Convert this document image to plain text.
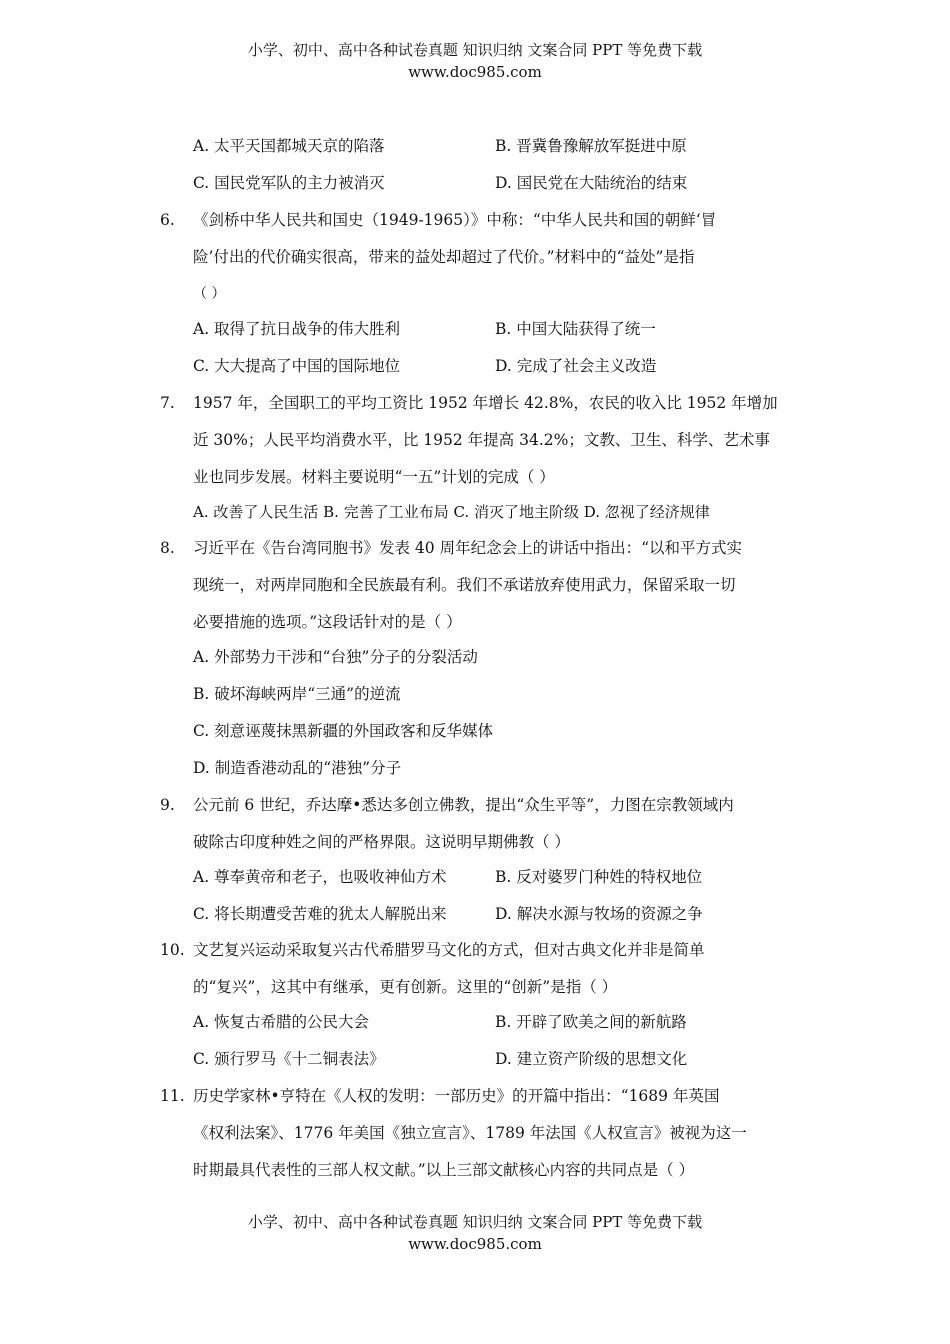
小学、初中、高中各种试卷真题 知识归纳 文案合同 PPT 等免费下载
www.doc985.com
A. 太平天国都城天京的陷落	B. 晋冀鲁豫解放军挺进中原
C. 国民党军队的主力被消灭	D. 国民党在大陆统治的结束
6. 《剑桥中华人民共和国史（1949-1965）》中称：“中华人民共和国的朝鲜‘冒
险’付出的代价确实很高，带来的益处却超过了代价。”材料中的“益处”是指
（ ）
A. 取得了抗日战争的伟大胜利	B. 中国大陆获得了统一
C. 大大提高了中国的国际地位	D. 完成了社会主义改造
7. 1957 年，全国职工的平均工资比 1952 年增长 42.8%，农民的收入比 1952 年增加
近 30%；人民平均消费水平，比 1952 年提高 34.2%；文教、卫生、科学、艺术事
业也同步发展。材料主要说明“一五”计划的完成（ ）
A. 改善了人民生活 B. 完善了工业布局 C. 消灭了地主阶级 D. 忽视了经济规律
8. 习近平在《告台湾同胞书》发表 40 周年纪念会上的讲话中指出：“以和平方式实
现统一，对两岸同胞和全民族最有利。我们不承诺放弃使用武力，保留采取一切
必要措施的选项。”这段话针对的是（ ）
A. 外部势力干涉和“台独”分子的分裂活动
B. 破坏海峡两岸“三通”的逆流
C. 刻意诬蔑抹黑新疆的外国政客和反华媒体
D. 制造香港动乱的“港独”分子
9. 公元前 6 世纪，乔达摩•悉达多创立佛教，提出“众生平等”，力图在宗教领域内
破除古印度种姓之间的严格界限。这说明早期佛教（ ）
A. 尊奉黄帝和老子，也吸收神仙方术	B. 反对婆罗门种姓的特权地位
C. 将长期遭受苦难的犹太人解脱出来	D. 解决水源与牧场的资源之争
10. 文艺复兴运动采取复兴古代希腊罗马文化的方式，但对古典文化并非是简单
的“复兴”，这其中有继承，更有创新。这里的“创新”是指（ ）
A. 恢复古希腊的公民大会	B. 开辟了欧美之间的新航路
C. 颁行罗马《十二铜表法》	D. 建立资产阶级的思想文化
11. 历史学家林•亨特在《人权的发明：一部历史》的开篇中指出：“1689 年英国
《权利法案》、1776 年美国《独立宣言》、1789 年法国《人权宣言》被视为这一
时期最具代表性的三部人权文献。”以上三部文献核心内容的共同点是（ ）
小学、初中、高中各种试卷真题 知识归纳 文案合同 PPT 等免费下载
www.doc985.com
